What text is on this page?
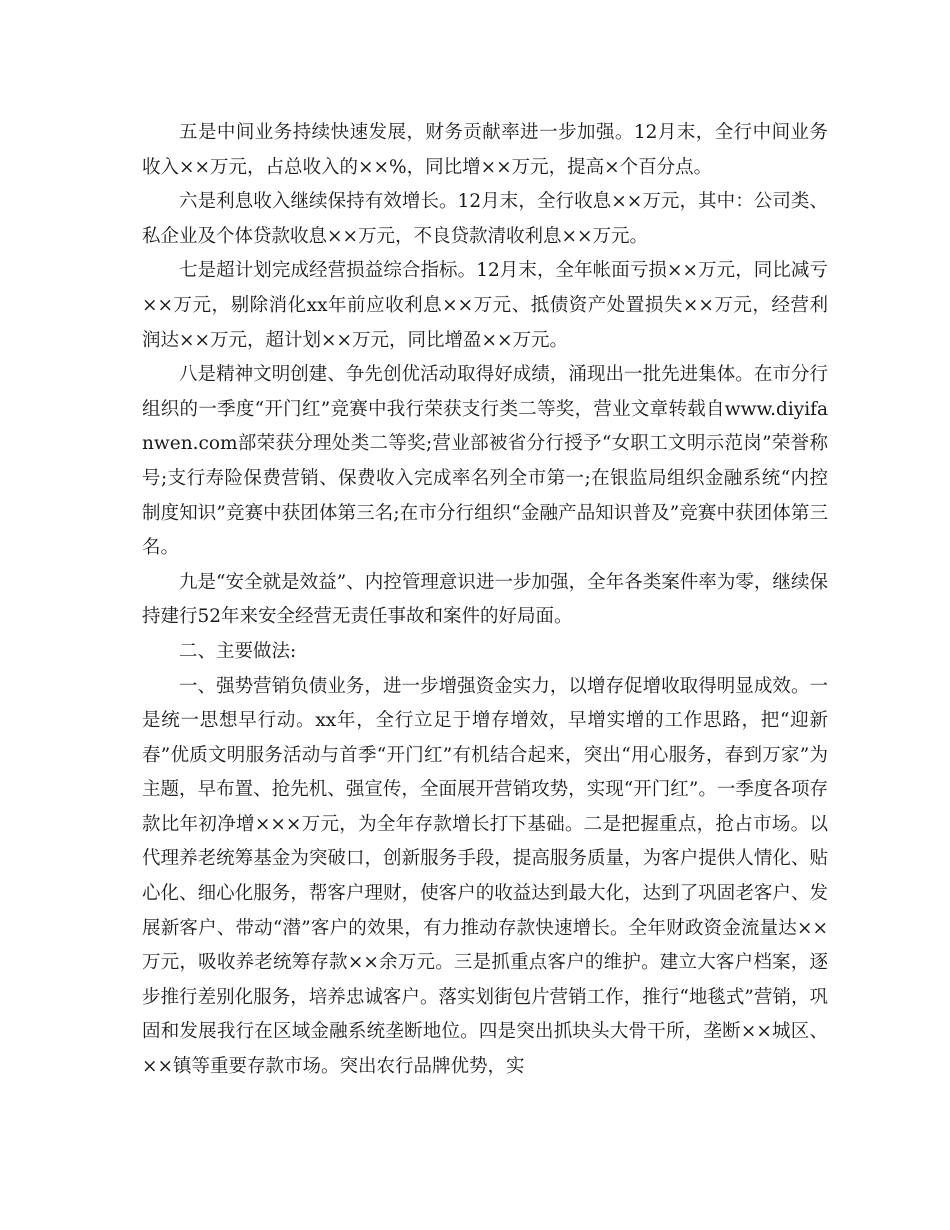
五是中间业务持续快速发展，财务贡献率进一步加强。12月末，全行中间业务收入××万元，占总收入的××%，同比增××万元，提高×个百分点。

六是利息收入继续保持有效增长。12月末，全行收息××万元，其中：公司类、私企业及个体贷款收息××万元，不良贷款清收利息××万元。

七是超计划完成经营损益综合指标。12月末，全年帐面亏损××万元，同比减亏××万元，剔除消化xx年前应收利息××万元、抵债资产处置损失××万元，经营利润达××万元，超计划××万元，同比增盈××万元。

八是精神文明创建、争先创优活动取得好成绩，涌现出一批先进集体。在市分行组织的一季度“开门红”竞赛中我行荣获支行类二等奖，营业文章转载自www.diyifanwen.com部荣获分理处类二等奖;营业部被省分行授予“女职工文明示范岗”荣誉称号;支行寿险保费营销、保费收入完成率名列全市第一;在银监局组织金融系统“内控制度知识”竞赛中获团体第三名;在市分行组织“金融产品知识普及”竞赛中获团体第三名。

九是“安全就是效益”、内控管理意识进一步加强，全年各类案件率为零，继续保持建行52年来安全经营无责任事故和案件的好局面。

二、主要做法:

一、强势营销负债业务，进一步增强资金实力，以增存促增收取得明显成效。一是统一思想早行动。xx年，全行立足于增存增效，早增实增的工作思路，把“迎新春”优质文明服务活动与首季“开门红”有机结合起来，突出“用心服务，春到万家”为主题，早布置、抢先机、强宣传，全面展开营销攻势，实现“开门红”。一季度各项存款比年初净增×××万元，为全年存款增长打下基础。二是把握重点，抢占市场。以代理养老统筹基金为突破口，创新服务手段，提高服务质量，为客户提供人情化、贴心化、细心化服务，帮客户理财，使客户的收益达到最大化，达到了巩固老客户、发展新客户、带动“潜”客户的效果，有力推动存款快速增长。全年财政资金流量达××万元，吸收养老统筹存款××余万元。三是抓重点客户的维护。建立大客户档案，逐步推行差别化服务，培养忠诚客户。落实划街包片营销工作，推行“地毯式”营销，巩固和发展我行在区域金融系统垄断地位。四是突出抓块头大骨干所，垄断××城区、××镇等重要存款市场。突出农行品牌优势，实
